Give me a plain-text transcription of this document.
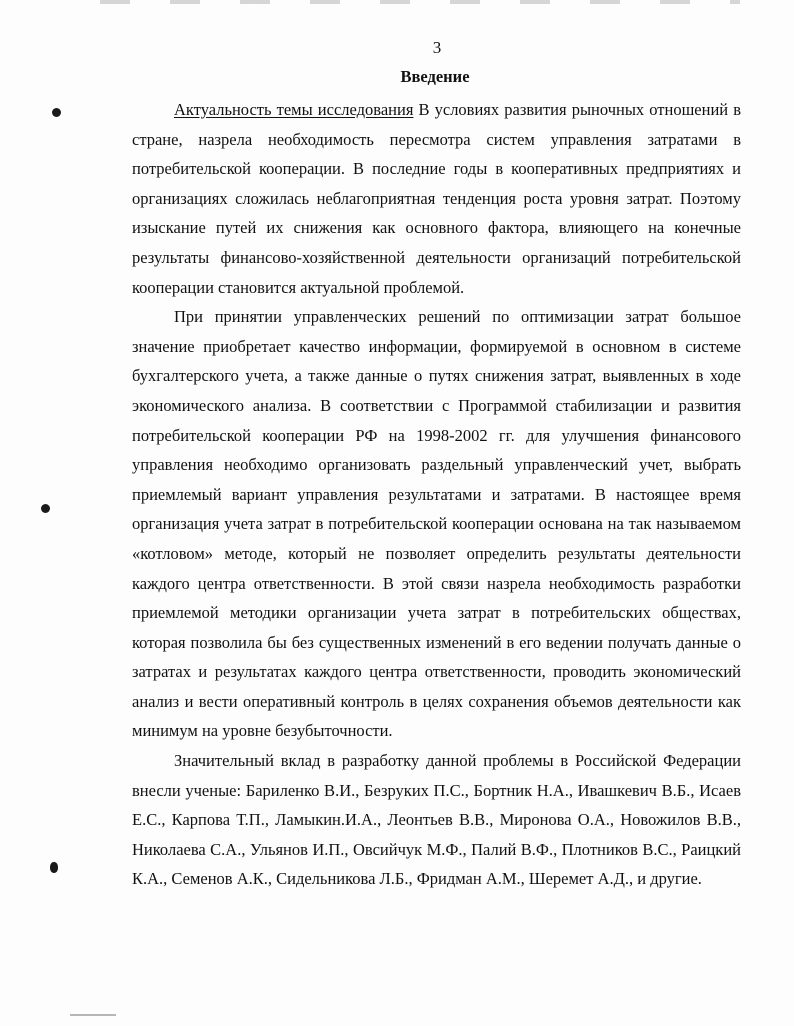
3
Введение

Актуальность темы исследования В условиях развития рыночных отношений в стране, назрела необходимость пересмотра систем управления затратами в потребительской кооперации. В последние годы в кооперативных предприятиях и организациях сложилась неблагоприятная тенденция роста уровня затрат. Поэтому изыскание путей их снижения как основного фактора, влияющего на конечные результаты финансово-хозяйственной деятельности организаций потребительской кооперации становится актуальной проблемой.

При принятии управленческих решений по оптимизации затрат большое значение приобретает качество информации, формируемой в основном в системе бухгалтерского учета, а также данные о путях снижения затрат, выявленных в ходе экономического анализа. В соответствии с Программой стабилизации и развития потребительской кооперации РФ на 1998-2002 гг. для улучшения финансового управления необходимо организовать раздельный управленческий учет, выбрать приемлемый вариант управления результатами и затратами. В настоящее время организация учета затрат в потребительской кооперации основана на так называемом «котловом» методе, который не позволяет определить результаты деятельности каждого центра ответственности. В этой связи назрела необходимость разработки приемлемой методики организации учета затрат в потребительских обществах, которая позволила бы без существенных изменений в его ведении получать данные о затратах и результатах каждого центра ответственности, проводить экономический анализ и вести оперативный контроль в целях сохранения объемов деятельности как минимум на уровне безубыточности.

Значительный вклад в разработку данной проблемы в Российской Федерации внесли ученые: Бариленко В.И., Безруких П.С., Бортник Н.А., Ивашкевич В.Б., Исаев Е.С., Карпова Т.П., Ламыкин.И.А., Леонтьев В.В., Миронова О.А., Новожилов В.В., Николаева С.А., Ульянов И.П., Овсийчук М.Ф., Палий В.Ф., Плотников В.С., Раицкий К.А., Семенов А.К., Сидельникова Л.Б., Фридман А.М., Шеремет А.Д., и другие.
